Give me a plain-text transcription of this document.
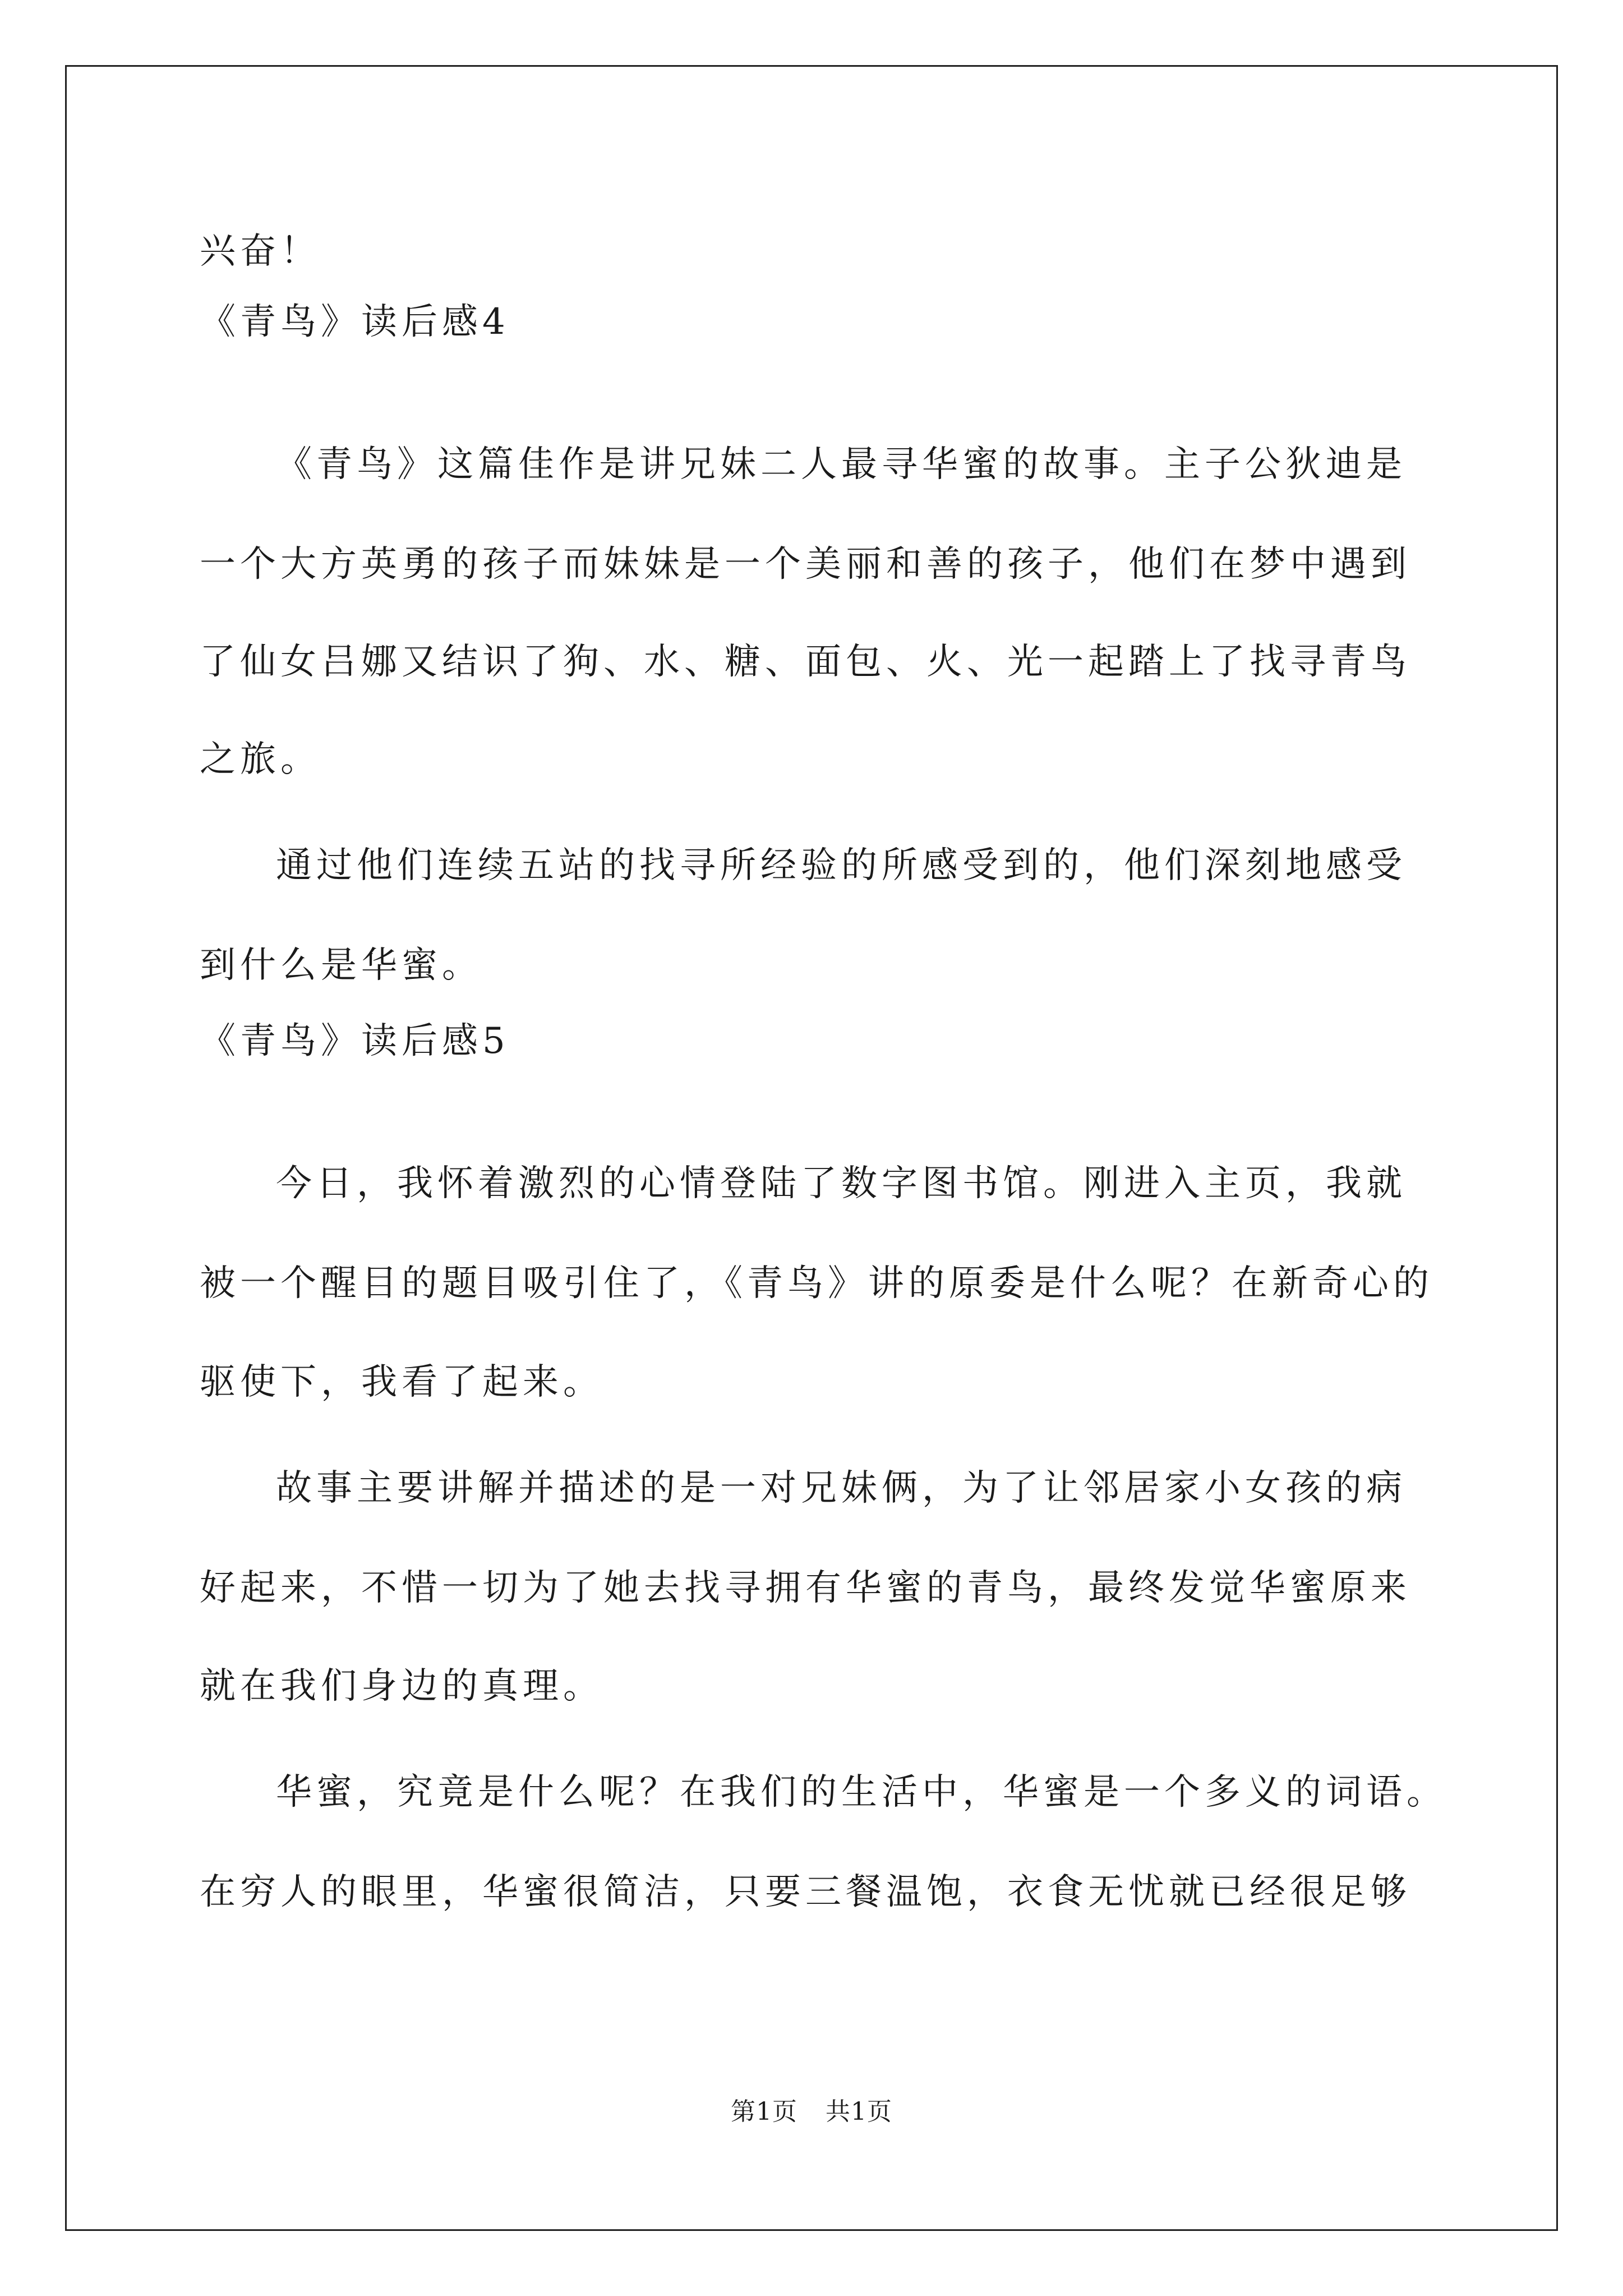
兴奋！
《青鸟》读后感4
《青鸟》这篇佳作是讲兄妹二人最寻华蜜的故事。主子公狄迪是
一个大方英勇的孩子而妹妹是一个美丽和善的孩子，他们在梦中遇到
了仙女吕娜又结识了狗、水、糖、面包、火、光一起踏上了找寻青鸟
之旅。
通过他们连续五站的找寻所经验的所感受到的，他们深刻地感受
到什么是华蜜。
《青鸟》读后感5
今日，我怀着激烈的心情登陆了数字图书馆。刚进入主页，我就
被一个醒目的题目吸引住了，《青鸟》讲的原委是什么呢？在新奇心的
驱使下，我看了起来。
故事主要讲解并描述的是一对兄妹俩，为了让邻居家小女孩的病
好起来，不惜一切为了她去找寻拥有华蜜的青鸟，最终发觉华蜜原来
就在我们身边的真理。
华蜜，究竟是什么呢？在我们的生活中，华蜜是一个多义的词语。
在穷人的眼里，华蜜很简洁，只要三餐温饱，衣食无忧就已经很足够
第1页 共1页
